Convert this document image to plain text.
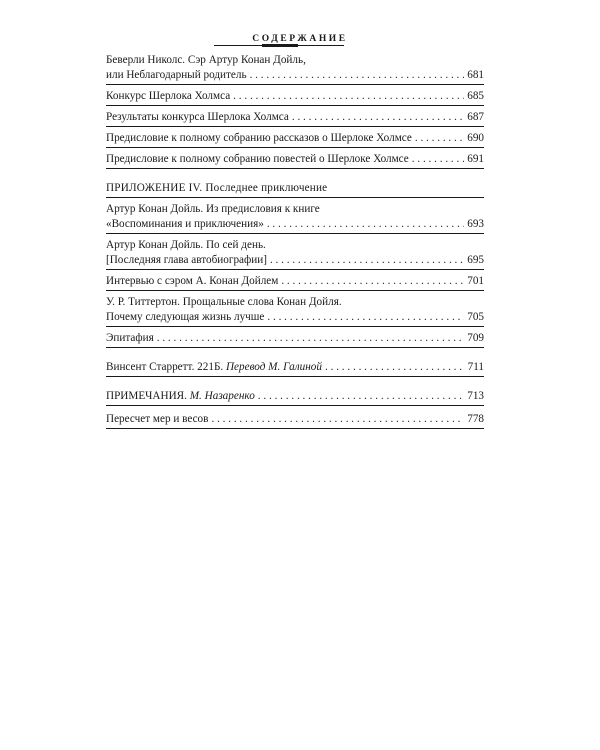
СОДЕРЖАНИЕ
Беверли Николс. Сэр Артур Конан Дойль,
или Неблагодарный родитель . . .	681
Конкурс Шерлока Холмса . . .	685
Результаты конкурса Шерлока Холмса . . .	687
Предисловие к полному собранию рассказов о Шерлоке Холмсе . . .	690
Предисловие к полному собранию повестей о Шерлоке Холмсе . . .	691
ПРИЛОЖЕНИЕ IV. Последнее приключение
Артур Конан Дойль. Из предисловия к книге
«Воспоминания и приключения» . . .	693
Артур Конан Дойль. По сей день.
[Последняя глава автобиографии] . . .	695
Интервью с сэром А. Конан Дойлем . . .	701
У. Р. Титтертон. Прощальные слова Конан Дойля.
Почему следующая жизнь лучше . . .	705
Эпитафия . . .	709
Винсент Старретт. 221Б. Перевод М. Галиной . . .	711
ПРИМЕЧАНИЯ. М. Назаренко . . .	713
Пересчет мер и весов . . .	778
